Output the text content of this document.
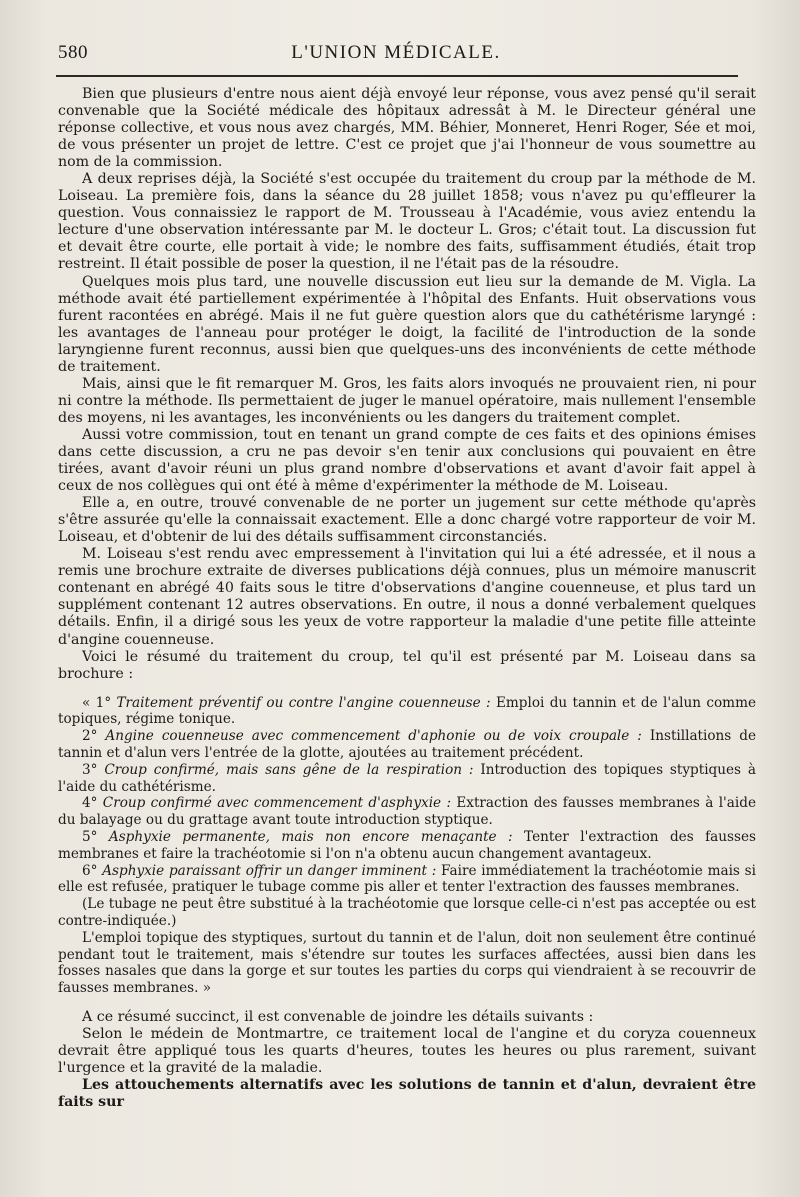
580	L'UNION MÉDICALE.

Bien que plusieurs d'entre nous aient déjà envoyé leur réponse, vous avez pensé qu'il serait convenable que la Société médicale des hôpitaux adressât à M. le Directeur général une réponse collective, et vous nous avez chargés, MM. Béhier, Monneret, Henri Roger, Sée et moi, de vous présenter un projet de lettre. C'est ce projet que j'ai l'honneur de vous soumettre au nom de la commission.

A deux reprises déjà, la Société s'est occupée du traitement du croup par la méthode de M. Loiseau. La première fois, dans la séance du 28 juillet 1858; vous n'avez pu qu'effleurer la question. Vous connaissiez le rapport de M. Trousseau à l'Académie, vous aviez entendu la lecture d'une observation intéressante par M. le docteur L. Gros; c'était tout. La discussion fut et devait être courte, elle portait à vide; le nombre des faits, suffisamment étudiés, était trop restreint. Il était possible de poser la question, il ne l'était pas de la résoudre.

Quelques mois plus tard, une nouvelle discussion eut lieu sur la demande de M. Vigla. La méthode avait été partiellement expérimentée à l'hôpital des Enfants. Huit observations vous furent racontées en abrégé. Mais il ne fut guère question alors que du cathétérisme laryngé : les avantages de l'anneau pour protéger le doigt, la facilité de l'introduction de la sonde laryngienne furent reconnus, aussi bien que quelques-uns des inconvénients de cette méthode de traitement.

Mais, ainsi que le fit remarquer M. Gros, les faits alors invoqués ne prouvaient rien, ni pour ni contre la méthode. Ils permettaient de juger le manuel opératoire, mais nullement l'ensemble des moyens, ni les avantages, les inconvénients ou les dangers du traitement complet.

Aussi votre commission, tout en tenant un grand compte de ces faits et des opinions émises dans cette discussion, a cru ne pas devoir s'en tenir aux conclusions qui pouvaient en être tirées, avant d'avoir réuni un plus grand nombre d'observations et avant d'avoir fait appel à ceux de nos collègues qui ont été à même d'expérimenter la méthode de M. Loiseau.

Elle a, en outre, trouvé convenable de ne porter un jugement sur cette méthode qu'après s'être assurée qu'elle la connaissait exactement. Elle a donc chargé votre rapporteur de voir M. Loiseau, et d'obtenir de lui des détails suffisamment circonstanciés.

M. Loiseau s'est rendu avec empressement à l'invitation qui lui a été adressée, et il nous a remis une brochure extraite de diverses publications déjà connues, plus un mémoire manuscrit contenant en abrégé 40 faits sous le titre d'observations d'angine couenneuse, et plus tard un supplément contenant 12 autres observations. En outre, il nous a donné verbalement quelques détails. Enfin, il a dirigé sous les yeux de votre rapporteur la maladie d'une petite fille atteinte d'angine couenneuse.

Voici le résumé du traitement du croup, tel qu'il est présenté par M. Loiseau dans sa brochure :

« 1° Traitement préventif ou contre l'angine couenneuse : Emploi du tannin et de l'alun comme topiques, régime tonique.

2° Angine couenneuse avec commencement d'aphonie ou de voix croupale : Instillations de tannin et d'alun vers l'entrée de la glotte, ajoutées au traitement précédent.

3° Croup confirmé, mais sans gêne de la respiration : Introduction des topiques styptiques à l'aide du cathétérisme.

4° Croup confirmé avec commencement d'asphyxie : Extraction des fausses membranes à l'aide du balayage ou du grattage avant toute introduction styptique.

5° Asphyxie permanente, mais non encore menaçante : Tenter l'extraction des fausses membranes et faire la trachéotomie si l'on n'a obtenu aucun changement avantageux.

6° Asphyxie paraissant offrir un danger imminent : Faire immédiatement la trachéotomie mais si elle est refusée, pratiquer le tubage comme pis aller et tenter l'extraction des fausses membranes.

(Le tubage ne peut être substitué à la trachéotomie que lorsque celle-ci n'est pas acceptée ou est contre-indiquée.)

L'emploi topique des styptiques, surtout du tannin et de l'alun, doit non seulement être continué pendant tout le traitement, mais s'étendre sur toutes les surfaces affectées, aussi bien dans les fosses nasales que dans la gorge et sur toutes les parties du corps qui viendraient à se recouvrir de fausses membranes. »

A ce résumé succinct, il est convenable de joindre les détails suivants :

Selon le médein de Montmartre, ce traitement local de l'angine et du coryza couenneux devrait être appliqué tous les quarts d'heures, toutes les heures ou plus rarement, suivant l'urgence et la gravité de la maladie.

Les attouchements alternatifs avec les solutions de tannin et d'alun, devraient être faits sur
